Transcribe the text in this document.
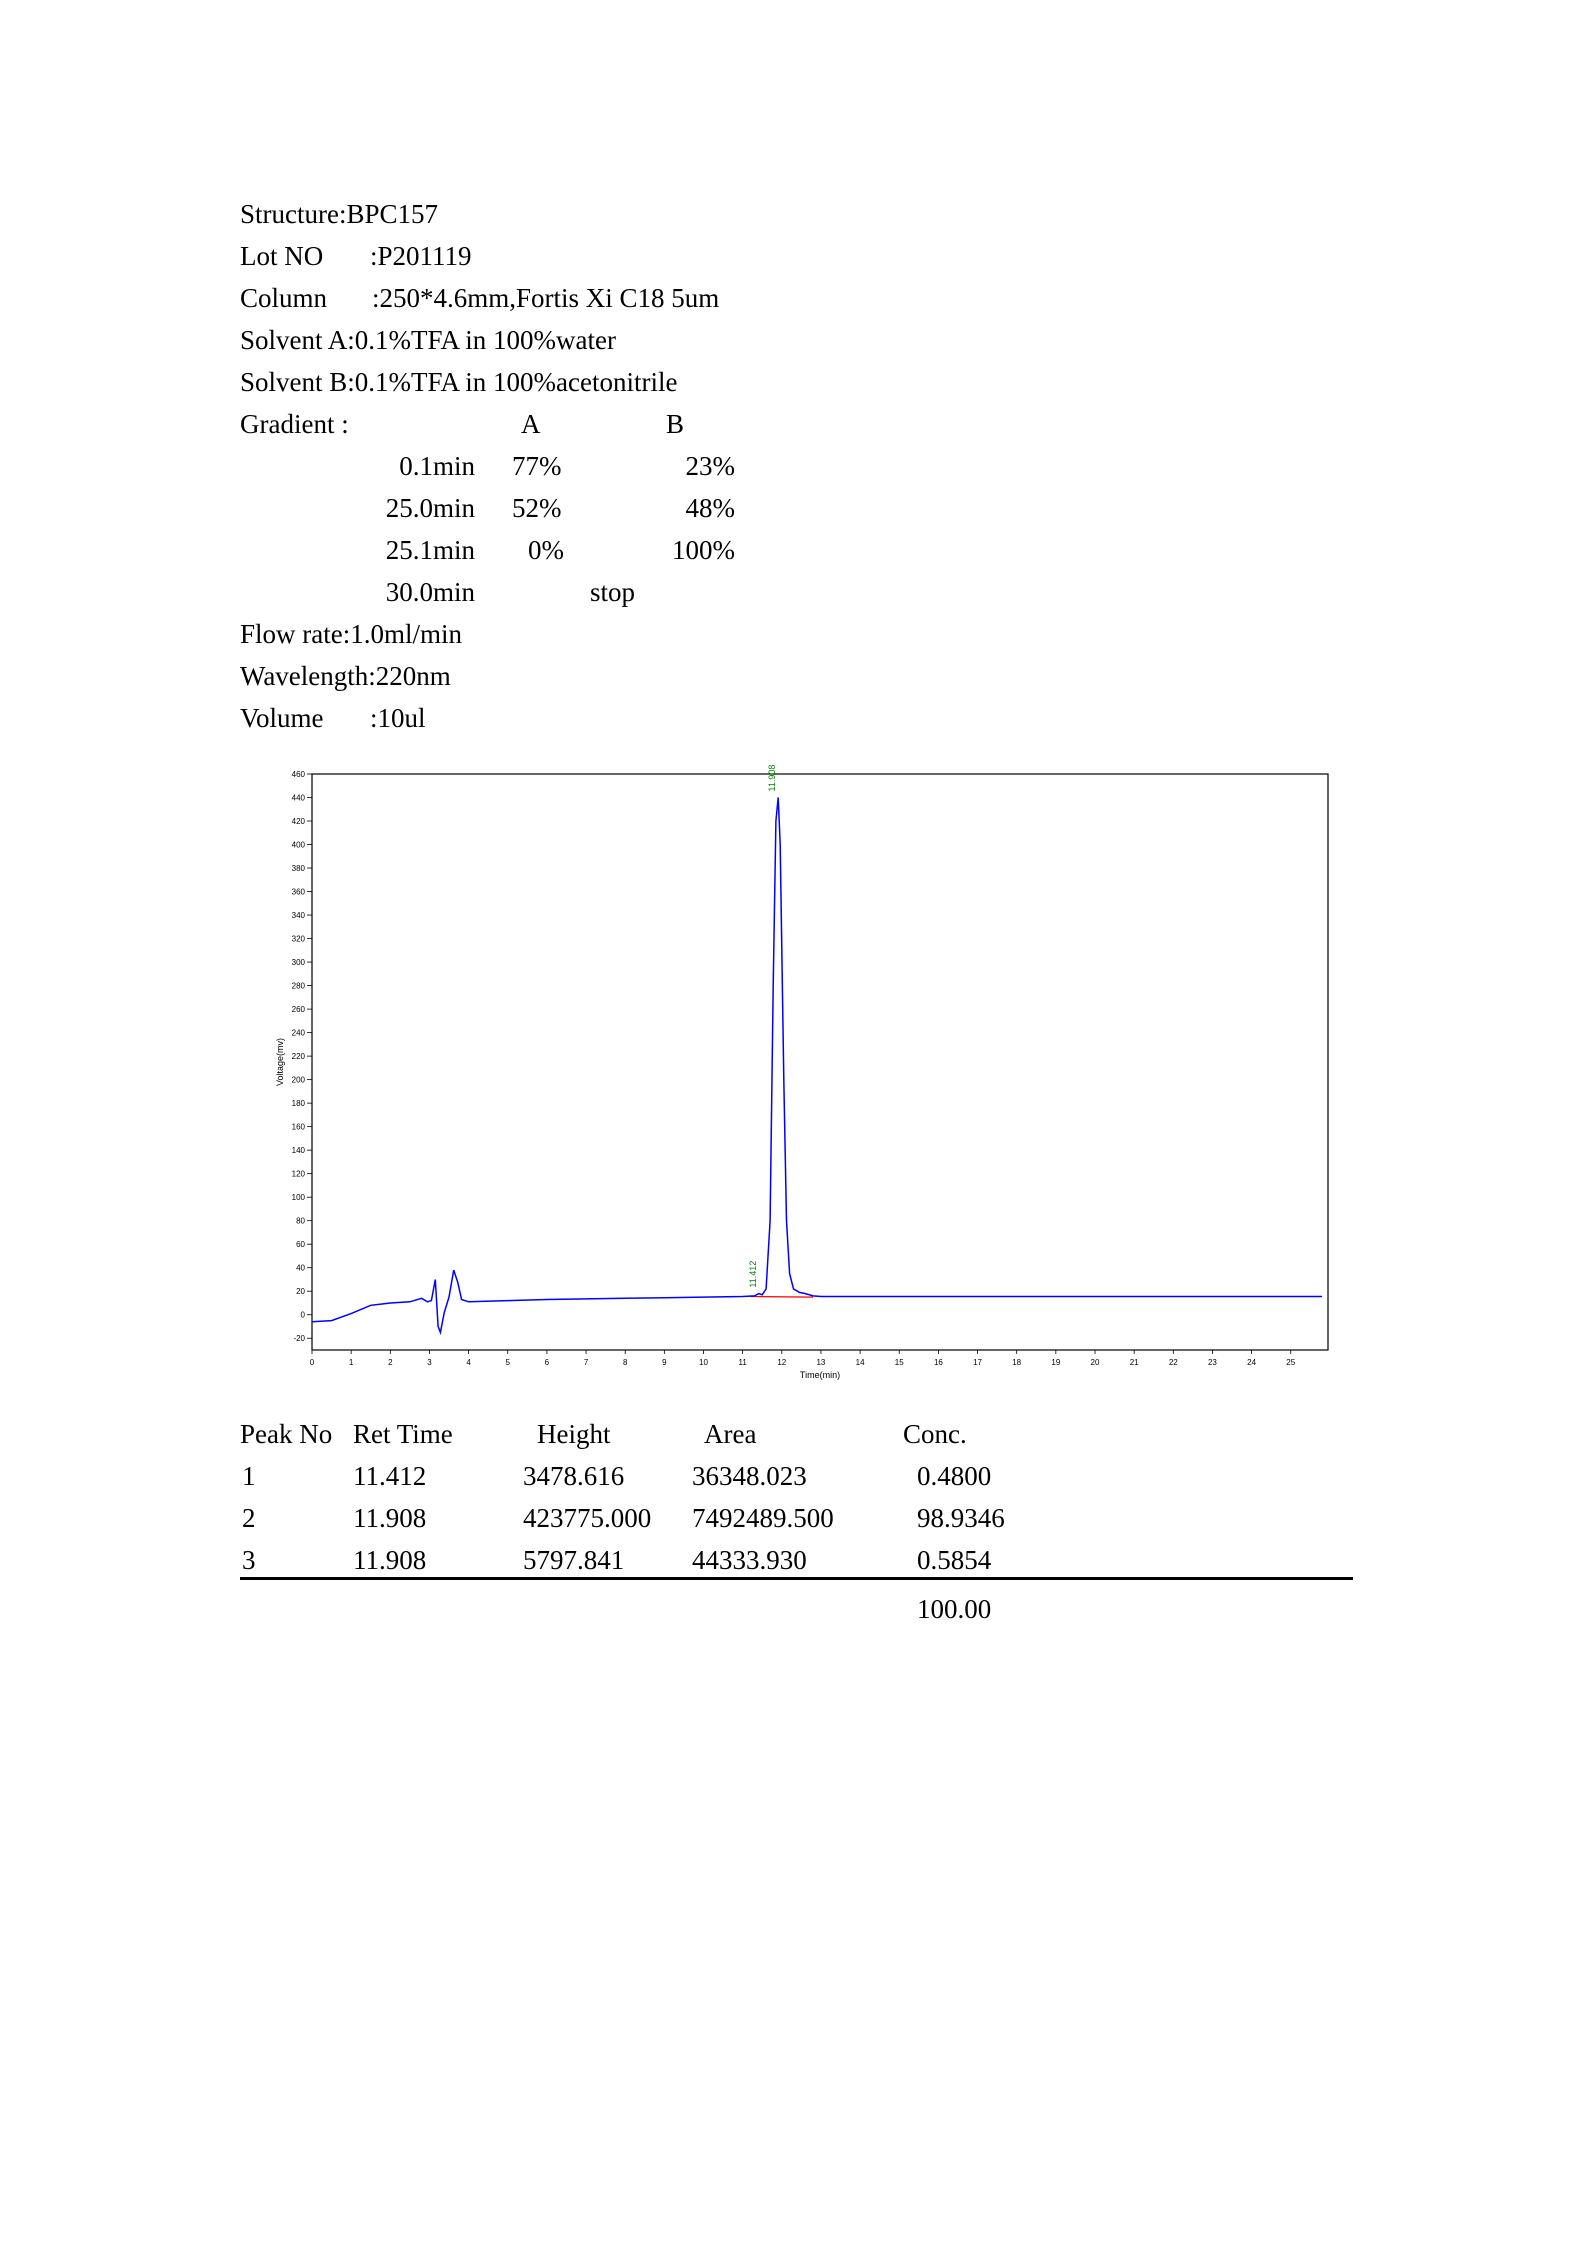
Structure:BPC157
Lot NO :P201119
Column :250*4.6mm,Fortis Xi C18 5um
Solvent A:0.1%TFA in 100%water
Solvent B:0.1%TFA in 100%acetonitrile
Gradient :	A	B
0.1min 77%	23%
25.0min 52%	48%
25.1min 0%	100%
30.0min	stop
Flow rate:1.0ml/min
Wavelength:220nm
Volume :10ul
-20
0
20
40
60
80
100
120
140
160
180
200
220
240
260
280
300
320
340
360
380
400
420
440
460
0	1	2	3	4	5	6	7	8	9	10	11	12	13	14	15	16	17	18	19	20	21	22	23	24	25
Voltage(mv)
Time(min)
11.412
11.908
Peak No Ret Time	Height	Area	Conc.
1	11.412	3478.616	36348.023	0.4800
2	11.908	423775.000 7492489.500	98.9346
3	11.908	5797.841	44333.930	0.5854
100.00
